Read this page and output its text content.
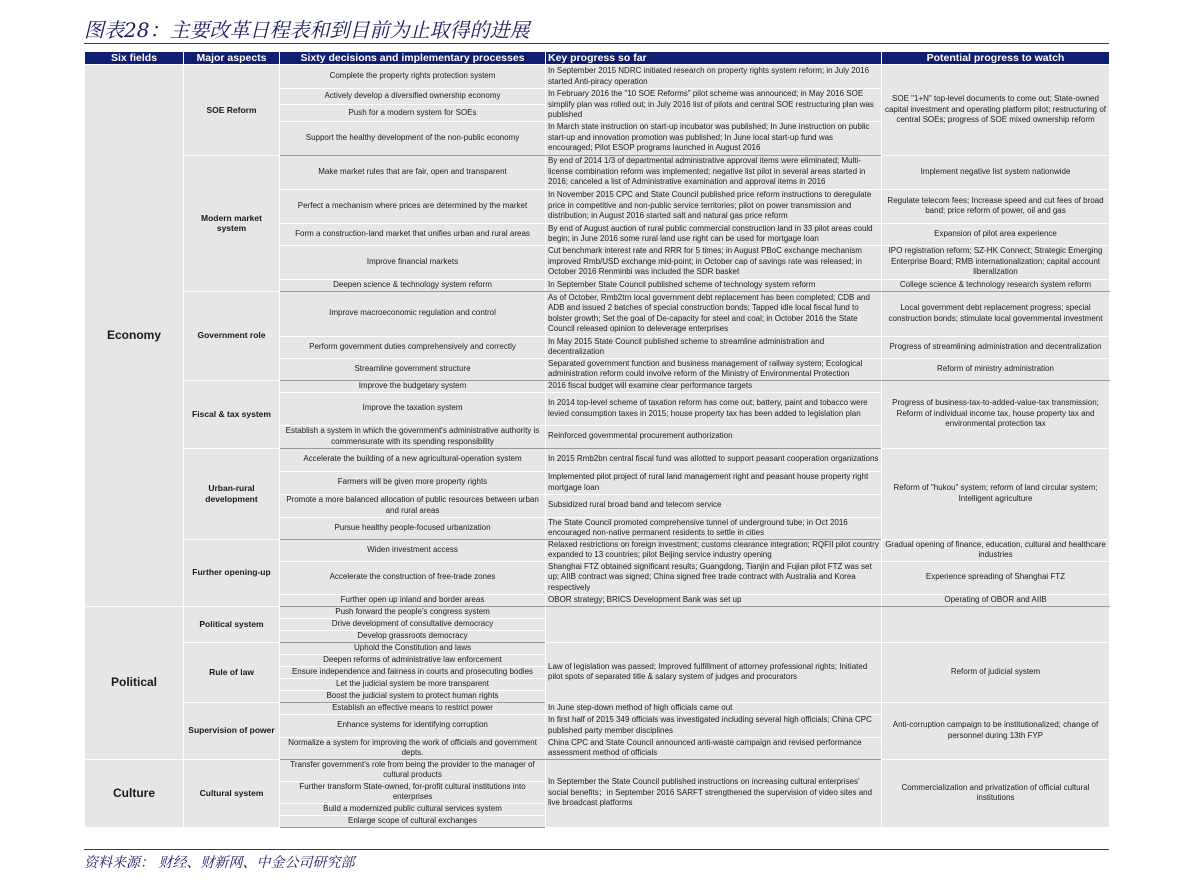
图表28：主要改革日程表和到目前为止取得的进展
Six fields	Major aspects	Sixty decisions and implementary processes	Key progress so far	Potential progress to watch
Economy	SOE Reform	Complete the property rights protection system	In September 2015 NDRC initiated research on property rights system reform; in July 2016 started Anti-piracy operation	SOE "1+N" top-level documents to come out; State-owned capital investment and operating platform pilot; restructuring of central SOEs; progress of SOE mixed ownership reform
		Actively develop a diversified ownership economy	In February 2016 the "10 SOE Reforms" pilot scheme was announced; in May 2016 SOE simplify plan was rolled out; in July 2016 list of pilots and central SOE restructuring plan was published	
		Push for a modern system for SOEs		
		Support the healthy development of the non-public economy	In March state instruction on start-up incubator was published; In June instruction on public start-up and innovation promotion was published; In June local start-up fund was encouraged; Pilot ESOP programs launched in August 2016	
	Modern market system	Make market rules that are fair, open and transparent	By end of 2014 1/3 of departmental administrative approval items were eliminated; Multi-license combination reform was implemented; negative list pilot in several areas started in 2016; canceled a list of Administrative examination and approval items in 2016	Implement negative list system nationwide
		Perfect a mechanism where prices are determined by the market	In November 2015 CPC and State Council published price reform instructions to deregulate price in competitive and non-public service territories; pilot on power transmission and distribution; in August 2016 started salt and natural gas price reform	Regulate telecom fees; Increase speed and cut fees of broad band; price reform of power, oil and gas
		Form a construction-land market that unifies urban and rural areas	By end of August auction of rural public commercial construction land in 33 pilot areas could begin; in June 2016 some rural land use right can be used for mortgage loan	Expansion of pilot area experience
		Improve financial markets	Cut benchmark interest rate and RRR for 5 times; in August PBoC exchange mechanism improved Rmb/USD exchange mid-point; in October cap of savings rate was released; in October 2016 Renminbi was included the SDR basket	IPO registration reform; SZ-HK Connect; Strategic Emerging Enterprise Board; RMB internationalization; capital account liberalization
		Deepen science & technology system reform	In September State Council published scheme of technology system reform	College science & technology research system reform
	Government role	Improve macroeconomic regulation and control	As of October, Rmb2trn local government debt replacement has been completed; CDB and ADB and issued 2 batches of special construction bonds; Tapped idle local fiscal fund to bolster growth; Set the goal of De-capacity for steel and coal; in October 2016 the State Council released opinion to deleverage enterprises	Local government debt replacement progress; special construction bonds; stimulate local governmental investment
		Perform government duties comprehensively and correctly	In May 2015 State Council published scheme to streamline administration and decentralization	Progress of streamlining administration and decentralization
		Streamline government structure	Separated government function and business management of railway system; Ecological administration reform could involve reform of the Ministry of Environmental Protection	Reform of ministry administration
	Fiscal & tax system	Improve the budgetary system	2016 fiscal budget will examine clear performance targets	Progress of business-tax-to-added-value-tax transmission; Reform of individual income tax, house property tax and environmental protection tax
		Improve the taxation system	In 2014 top-level scheme of taxation reform has come out; battery, paint and tobacco were levied consumption taxes in 2015; house property tax has been added to legislation plan	
		Establish a system in which the government's administrative authority is commensurate with its spending responsibility	Reinforced governmental procurement authorization	
	Urban-rural development	Accelerate the building of a new agricultural-operation system	In 2015 Rmb2bn central fiscal fund was allotted to support peasant cooperation organizations	Reform of "hukou" system; reform of land circular system; Intelligent agriculture
		Farmers will be given more property rights	Implemented pilot project of rural land management right and peasant house property right mortgage loan	
		Promote a more balanced allocation of public resources between urban and rural areas	Subsidized rural broad band and telecom service	
		Pursue healthy people-focused urbanization	The State Council promoted comprehensive tunnel of underground tube; in Oct 2016 encouraged non-native permanent residents to settle in cities	
	Further opening-up	Widen investment access	Relaxed restrictions on foreign investment; customs clearance integration; RQFII pilot country expanded to 13 countries; pilot Beijing service industry opening	Gradual opening of finance, education, cultural and healthcare industries
		Accelerate the construction of free-trade zones	Shanghai FTZ obtained significant results; Guangdong, Tianjin and Fujian pilot FTZ was set up; AIIB contract was signed; China signed free trade contract with Australia and Korea respectively	Experience spreading of Shanghai FTZ
		Further open up inland and border areas	OBOR strategy; BRICS Development Bank was set up	Operating of OBOR and AIIB
Political	Political system	Push forward the people's congress system		
		Drive development of consultative democracy		
		Develop grassroots democracy		
	Rule of law	Uphold the Constitution and laws	Law of legislation was passed; Improved fulfillment of attorney professional rights; Initiated pilot spots of separated title & salary system of judges and procurators	Reform of judicial system
		Deepen reforms of administrative law enforcement		
		Ensure independence and fairness in courts and prosecuting bodies		
		Let the judicial system be more transparent		
		Boost the judicial system to protect human rights		
	Supervision of power	Establish an effective means to restrict power	In June step-down method of high officials came out	Anti-corruption campaign to be institutionalized; change of personnel during 13th FYP
		Enhance systems for identifying corruption	In first half of 2015 349 officials was investigated including several high officials; China CPC published party member disciplines	
		Normalize a system for improving the work of officials and government depts.	China CPC and State Council announced anti-waste campaign and revised performance assessment method of officials	
Culture	Cultural system	Transfer government's role from being the provider to the manager of cultural products	In September the State Council published instructions on increasing cultural enterprises' social benefits；in September 2016 SARFT strengthened the supervision of video sites and live broadcast platforms	Commercialization and privatization of official cultural institutions
		Further transform State-owned, for-profit cultural institutions into enterprises		
		Build a modernized public cultural services system		
		Enlarge scope of cultural exchanges		
资料来源： 财经、财新网、中金公司研究部
